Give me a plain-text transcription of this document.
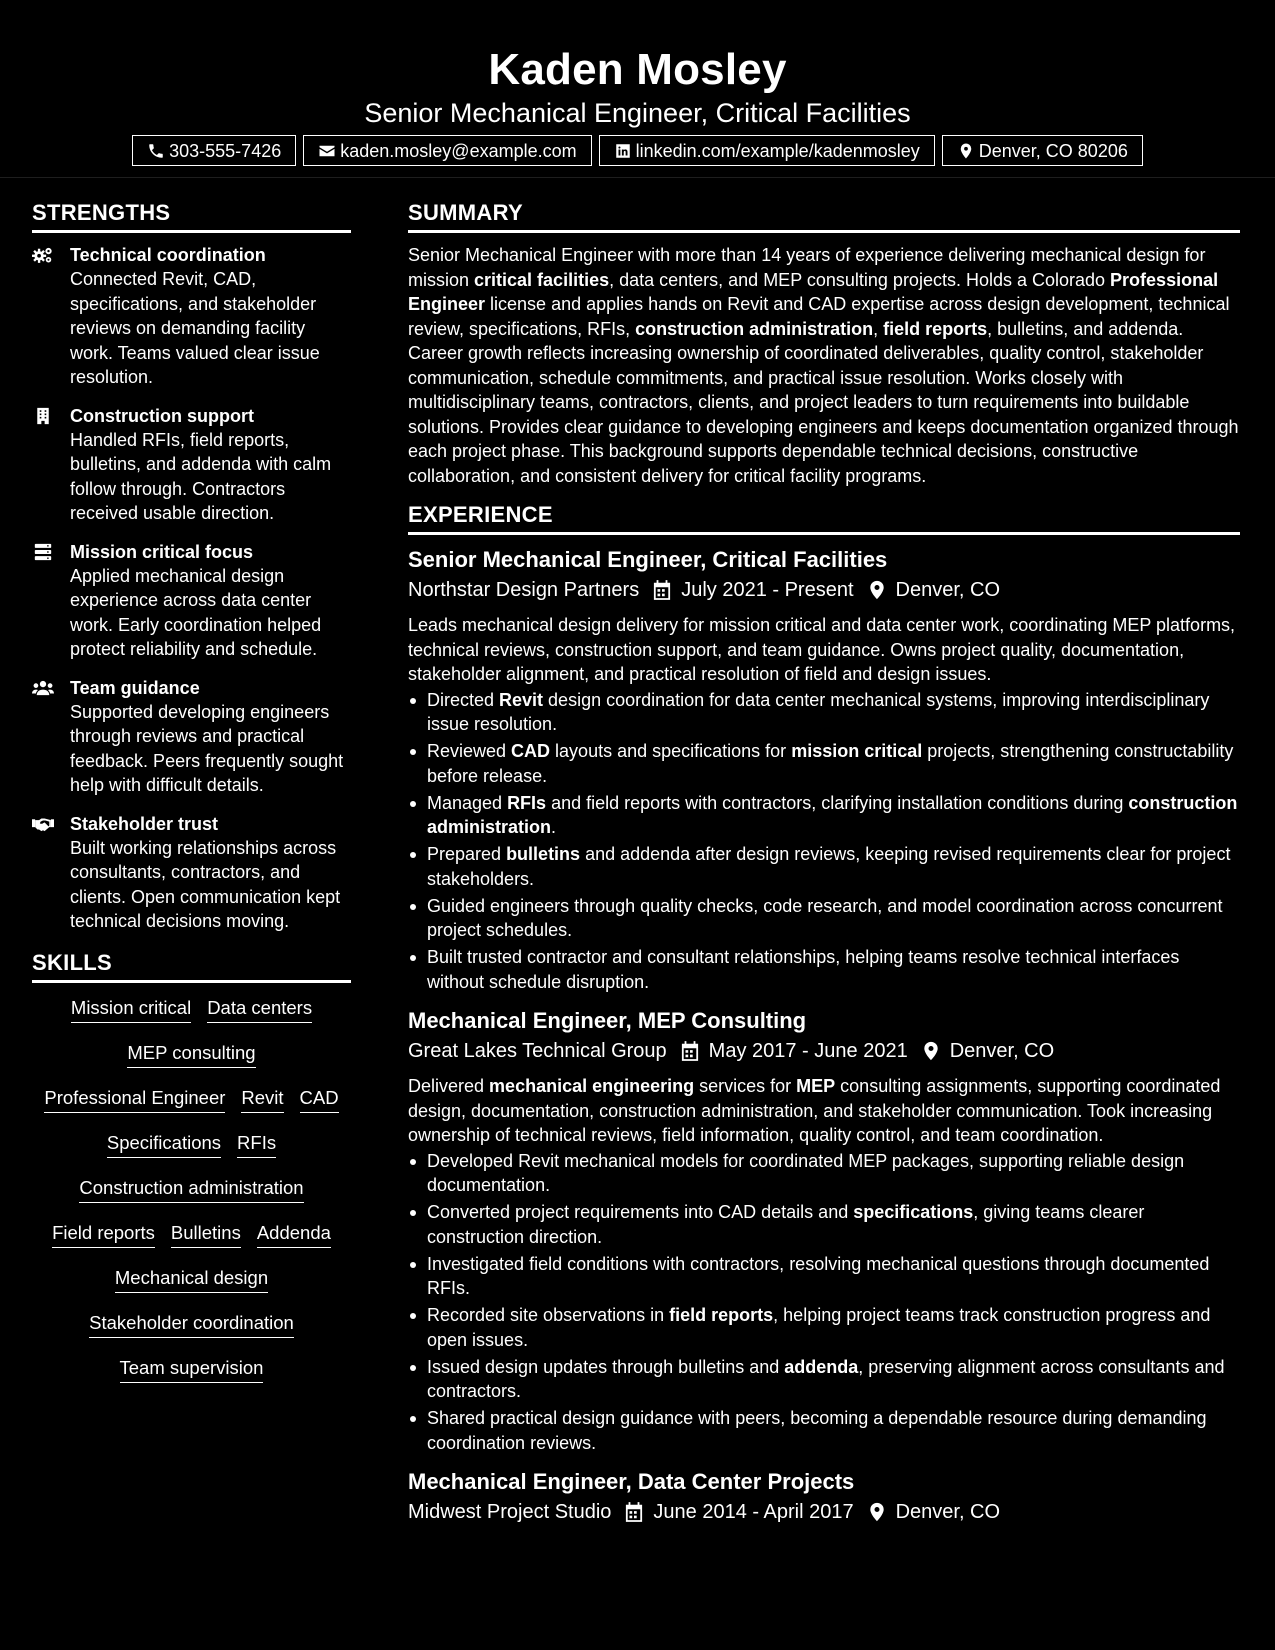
Kaden Mosley
Senior Mechanical Engineer, Critical Facilities
303-555-7426	kaden.mosley@example.com	linkedin.com/example/kadenmosley	Denver, CO 80206
STRENGTHS
Technical coordination
Connected Revit, CAD, specifications, and stakeholder reviews on demanding facility work. Teams valued clear issue resolution.
Construction support
Handled RFIs, field reports, bulletins, and addenda with calm follow through. Contractors received usable direction.
Mission critical focus
Applied mechanical design experience across data center work. Early coordination helped protect reliability and schedule.
Team guidance
Supported developing engineers through reviews and practical feedback. Peers frequently sought help with difficult details.
Stakeholder trust
Built working relationships across consultants, contractors, and clients. Open communication kept technical decisions moving.
SKILLS
Mission critical Data centers
MEP consulting
Professional Engineer Revit CAD
Specifications RFIs
Construction administration
Field reports Bulletins Addenda
Mechanical design
Stakeholder coordination
Team supervision
SUMMARY
Senior Mechanical Engineer with more than 14 years of experience delivering mechanical design for mission critical facilities, data centers, and MEP consulting projects. Holds a Colorado Professional Engineer license and applies hands on Revit and CAD expertise across design development, technical review, specifications, RFIs, construction administration, field reports, bulletins, and addenda. Career growth reflects increasing ownership of coordinated deliverables, quality control, stakeholder communication, schedule commitments, and practical issue resolution. Works closely with multidisciplinary teams, contractors, clients, and project leaders to turn requirements into buildable solutions. Provides clear guidance to developing engineers and keeps documentation organized through each project phase. This background supports dependable technical decisions, constructive collaboration, and consistent delivery for critical facility programs.
EXPERIENCE
Senior Mechanical Engineer, Critical Facilities
Northstar Design Partners July 2021 - Present Denver, CO
Leads mechanical design delivery for mission critical and data center work, coordinating MEP platforms, technical reviews, construction support, and team guidance. Owns project quality, documentation, stakeholder alignment, and practical resolution of field and design issues.
Directed Revit design coordination for data center mechanical systems, improving interdisciplinary issue resolution.
Reviewed CAD layouts and specifications for mission critical projects, strengthening constructability before release.
Managed RFIs and field reports with contractors, clarifying installation conditions during construction administration.
Prepared bulletins and addenda after design reviews, keeping revised requirements clear for project stakeholders.
Guided engineers through quality checks, code research, and model coordination across concurrent project schedules.
Built trusted contractor and consultant relationships, helping teams resolve technical interfaces without schedule disruption.
Mechanical Engineer, MEP Consulting
Great Lakes Technical Group May 2017 - June 2021 Denver, CO
Delivered mechanical engineering services for MEP consulting assignments, supporting coordinated design, documentation, construction administration, and stakeholder communication. Took increasing ownership of technical reviews, field information, quality control, and team coordination.
Developed Revit mechanical models for coordinated MEP packages, supporting reliable design documentation.
Converted project requirements into CAD details and specifications, giving teams clearer construction direction.
Investigated field conditions with contractors, resolving mechanical questions through documented RFIs.
Recorded site observations in field reports, helping project teams track construction progress and open issues.
Issued design updates through bulletins and addenda, preserving alignment across consultants and contractors.
Shared practical design guidance with peers, becoming a dependable resource during demanding coordination reviews.
Mechanical Engineer, Data Center Projects
Midwest Project Studio June 2014 - April 2017 Denver, CO
